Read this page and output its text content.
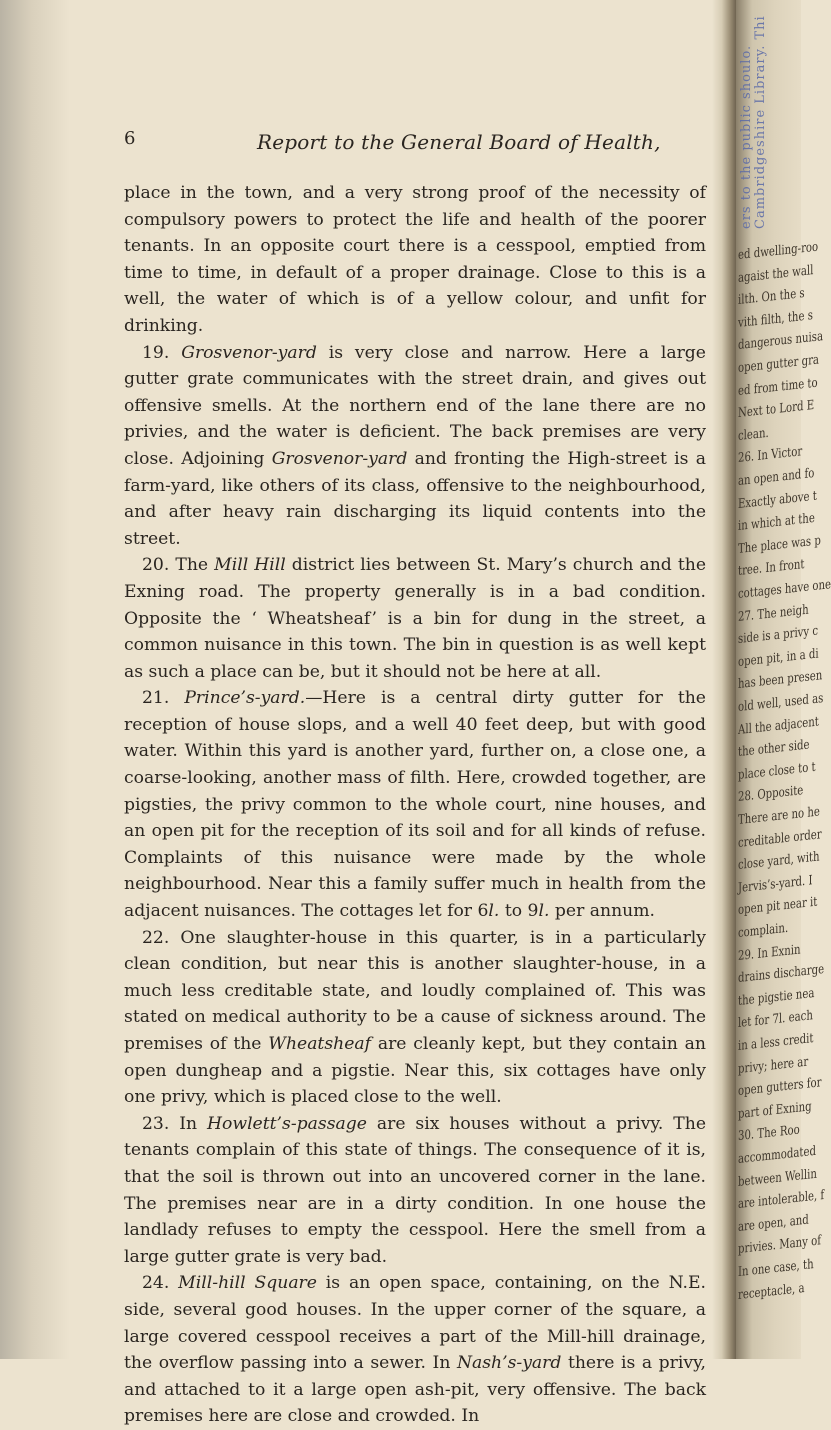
6	Report to the General Board of Health,

place in the town, and a very strong proof of the necessity of compulsory powers to protect the life and health of the poorer tenants. In an opposite court there is a cesspool, emptied from time to time, in default of a proper drainage. Close to this is a well, the water of which is of a yellow colour, and unfit for drinking.

19. Grosvenor-yard is very close and narrow. Here a large gutter grate communicates with the street drain, and gives out offensive smells. At the northern end of the lane there are no privies, and the water is deficient. The back premises are very close. Adjoining Grosvenor-yard and fronting the High-street is a farm-yard, like others of its class, offensive to the neighbourhood, and after heavy rain discharging its liquid contents into the street.

20. The Mill Hill district lies between St. Mary’s church and the Exning road. The property generally is in a bad condition. Opposite the ‘ Wheatsheaf’ is a bin for dung in the street, a common nuisance in this town. The bin in question is as well kept as such a place can be, but it should not be here at all.

21. Prince’s-yard.—Here is a central dirty gutter for the reception of house slops, and a well 40 feet deep, but with good water. Within this yard is another yard, further on, a close one, a coarse-looking, another mass of filth. Here, crowded together, are pigsties, the privy common to the whole court, nine houses, and an open pit for the reception of its soil and for all kinds of refuse. Complaints of this nuisance were made by the whole neighbourhood. Near this a family suffer much in health from the adjacent nuisances. The cottages let for 6l. to 9l. per annum.

22. One slaughter-house in this quarter, is in a particularly clean condition, but near this is another slaughter-house, in a much less creditable state, and loudly complained of. This was stated on medical authority to be a cause of sickness around. The premises of the Wheatsheaf are cleanly kept, but they contain an open dungheap and a pigstie. Near this, six cottages have only one privy, which is placed close to the well.

23. In Howlett’s-passage are six houses without a privy. The tenants complain of this state of things. The consequence of it is, that the soil is thrown out into an uncovered corner in the lane. The premises near are in a dirty condition. In one house the landlady refuses to empty the cesspool. Here the smell from a large gutter grate is very bad.

24. Mill-hill Square is an open space, containing, on the N.E. side, several good houses. In the upper corner of the square, a large covered cesspool receives a part of the Mill-hill drainage, the overflow passing into a sewer. In Nash’s-yard there is a privy, and attached to it a large open ash-pit, very offensive. The back premises here are close and crowded. In

ers to the public shoulo. Cambridgeshire Library. Thi
ed dwelling-roo
agaist the wall
ilth. On the s
vith filth, the s
dangerous nuisa
open gutter gra
ed from time to
Next to Lord E
clean.
26. In Victor
an open and fo
Exactly above t
in which at the
The place was p
tree. In front
cottages have one
27. The neigh
side is a privy c
open pit, in a di
has been presen
old well, used as
All the adjacent
the other side
place close to t
28. Opposite
There are no he
creditable order
close yard, with
Jervis’s-yard. I
open pit near it
complain.
29. In Exnin
drains discharge
the pigstie nea
let for 7l. each
in a less credit
privy; here ar
open gutters for
part of Exning
30. The Roo
accommodated
between Wellin
are intolerable, f
are open, and
privies. Many of
In one case, th
receptacle, a
